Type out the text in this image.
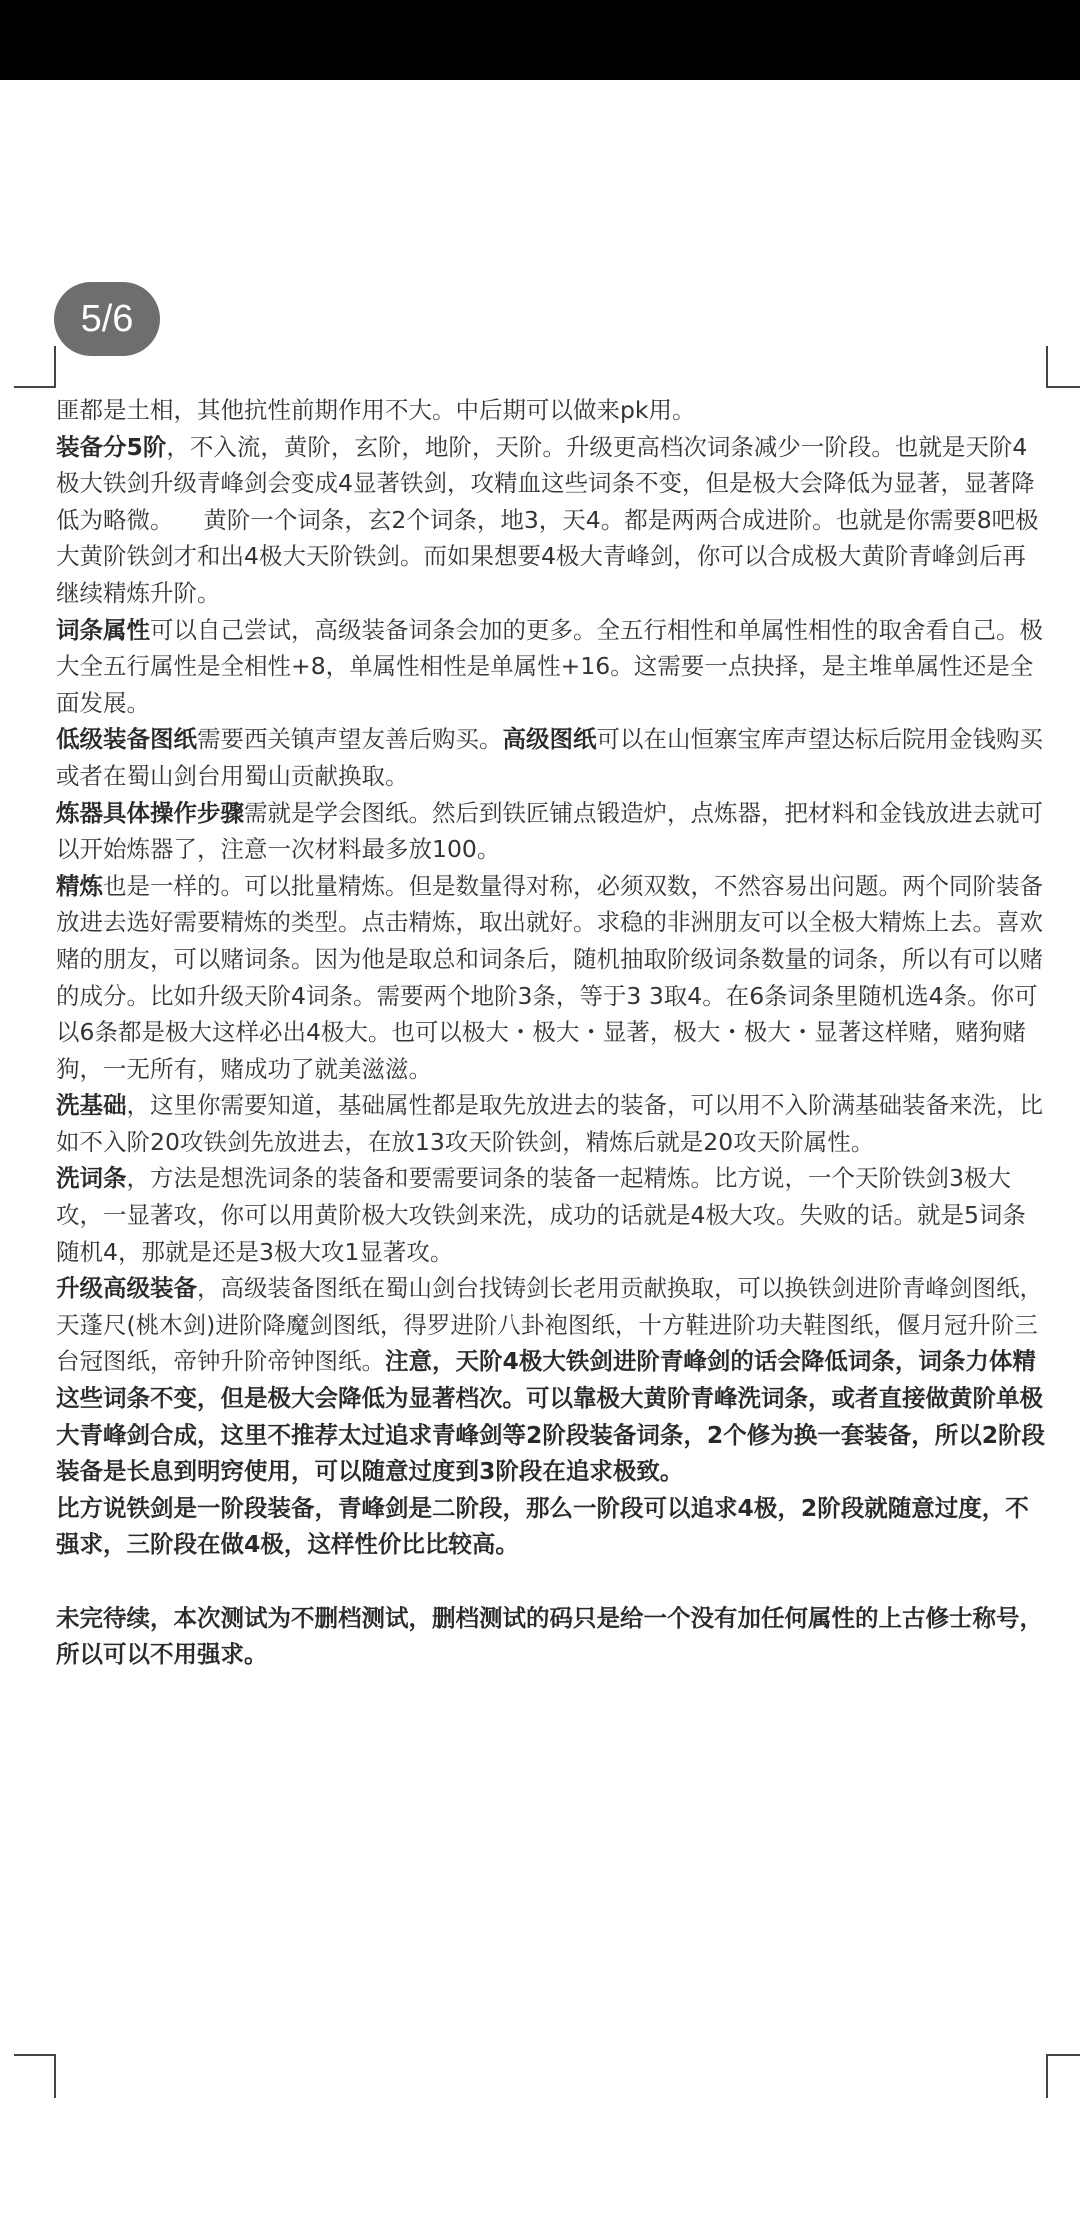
5/6

匪都是土相，其他抗性前期作用不大。中后期可以做来pk用。

装备分5阶，不入流，黄阶，玄阶，地阶，天阶。升级更高档次词条减少一阶段。也就是天阶4极大铁剑升级青峰剑会变成4显著铁剑，攻精血这些词条不变，但是极大会降低为显著，显著降低为略微。    黄阶一个词条，玄2个词条，地3，天4。都是两两合成进阶。也就是你需要8吧极大黄阶铁剑才和出4极大天阶铁剑。而如果想要4极大青峰剑，你可以合成极大黄阶青峰剑后再继续精炼升阶。

词条属性可以自己尝试，高级装备词条会加的更多。全五行相性和单属性相性的取舍看自己。极大全五行属性是全相性+8，单属性相性是单属性+16。这需要一点抉择，是主堆单属性还是全面发展。

低级装备图纸需要西关镇声望友善后购买。高级图纸可以在山恒寨宝库声望达标后院用金钱购买或者在蜀山剑台用蜀山贡献换取。

炼器具体操作步骤需就是学会图纸。然后到铁匠铺点锻造炉，点炼器，把材料和金钱放进去就可以开始炼器了，注意一次材料最多放100。

精炼也是一样的。可以批量精炼。但是数量得对称，必须双数，不然容易出问题。两个同阶装备放进去选好需要精炼的类型。点击精炼，取出就好。求稳的非洲朋友可以全极大精炼上去。喜欢赌的朋友，可以赌词条。因为他是取总和词条后，随机抽取阶级词条数量的词条，所以有可以赌的成分。比如升级天阶4词条。需要两个地阶3条，等于3 3取4。在6条词条里随机选4条。你可以6条都是极大这样必出4极大。也可以极大・极大・显著，极大・极大・显著这样赌，赌狗赌狗，一无所有，赌成功了就美滋滋。

洗基础，这里你需要知道，基础属性都是取先放进去的装备，可以用不入阶满基础装备来洗，比如不入阶20攻铁剑先放进去，在放13攻天阶铁剑，精炼后就是20攻天阶属性。

洗词条，方法是想洗词条的装备和要需要词条的装备一起精炼。比方说，一个天阶铁剑3极大攻，一显著攻，你可以用黄阶极大攻铁剑来洗，成功的话就是4极大攻。失败的话。就是5词条随机4，那就是还是3极大攻1显著攻。

升级高级装备，高级装备图纸在蜀山剑台找铸剑长老用贡献换取，可以换铁剑进阶青峰剑图纸，天蓬尺(桃木剑)进阶降魔剑图纸，得罗进阶八卦袍图纸，十方鞋进阶功夫鞋图纸，偃月冠升阶三台冠图纸，帝钟升阶帝钟图纸。注意，天阶4极大铁剑进阶青峰剑的话会降低词条，词条力体精这些词条不变，但是极大会降低为显著档次。可以靠极大黄阶青峰洗词条，或者直接做黄阶单极大青峰剑合成，这里不推荐太过追求青峰剑等2阶段装备词条，2个修为换一套装备，所以2阶段装备是长息到明窍使用，可以随意过度到3阶段在追求极致。

比方说铁剑是一阶段装备，青峰剑是二阶段，那么一阶段可以追求4极，2阶段就随意过度，不强求，三阶段在做4极，这样性价比比较高。

未完待续，本次测试为不删档测试，删档测试的码只是给一个没有加任何属性的上古修士称号，所以可以不用强求。
